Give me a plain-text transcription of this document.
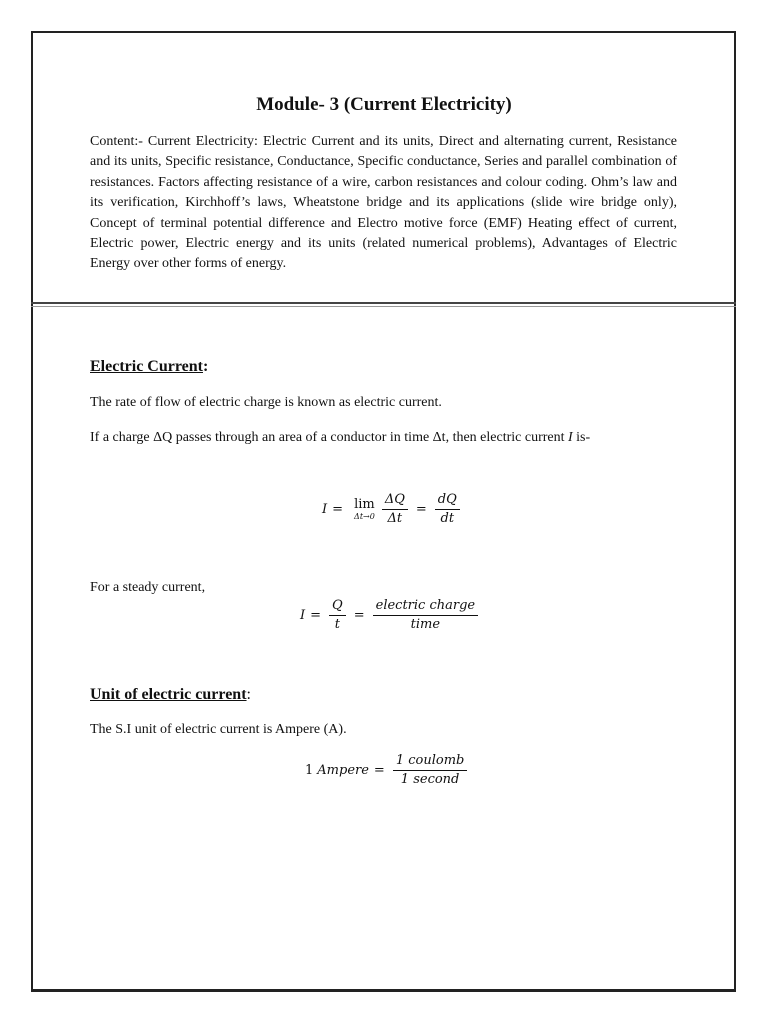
Module- 3 (Current Electricity)
Content:- Current Electricity: Electric Current and its units, Direct and alternating current, Resistance and its units, Specific resistance, Conductance, Specific conductance, Series and parallel combination of resistances. Factors affecting resistance of a wire, carbon resistances and colour coding. Ohm’s law and its verification, Kirchhoff’s laws, Wheatstone bridge and its applications (slide wire bridge only), Concept of terminal potential difference and Electro motive force (EMF) Heating effect of current, Electric power, Electric energy and its units (related numerical problems), Advantages of Electric Energy over other forms of energy.
Electric Current:
The rate of flow of electric charge is known as electric current.
If a charge ΔQ passes through an area of a conductor in time Δt, then electric current I is-
I = lim
$\Delta t\to 0 \frac{\Delta Q}{\Delta t} = \frac{dQ}{dt}$
For a steady current,
$I = \frac{Q}{t} = \frac{\text{electric charge}}{\text{time}}$
Unit of electric current:
The S.I unit of electric current is Ampere (A).
1 Ampere = $\frac{\text{1 coulomb}}{\text{1 second}}$
